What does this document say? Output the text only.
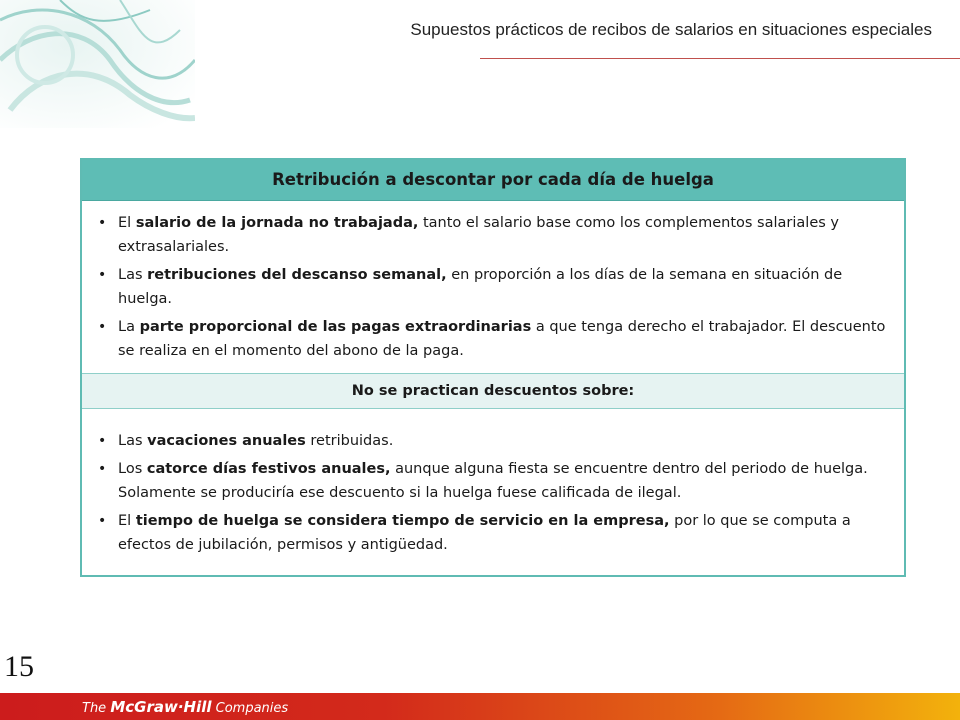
Supuestos prácticos de recibos de salarios en situaciones especiales
Retribución a descontar por cada día de huelga
• El salario de la jornada no trabajada, tanto el salario base como los complementos salariales y extrasalariales.
• Las retribuciones del descanso semanal, en proporción a los días de la semana en situación de huelga.
• La parte proporcional de las pagas extraordinarias a que tenga derecho el trabajador. El descuento se realiza en el momento del abono de la paga.
No se practican descuentos sobre:
• Las vacaciones anuales retribuidas.
• Los catorce días festivos anuales, aunque alguna fiesta se encuentre dentro del periodo de huelga. Solamente se produciría ese descuento si la huelga fuese calificada de ilegal.
• El tiempo de huelga se considera tiempo de servicio en la empresa, por lo que se computa a efectos de jubilación, permisos y antigüedad.
15
The McGraw·Hill Companies
